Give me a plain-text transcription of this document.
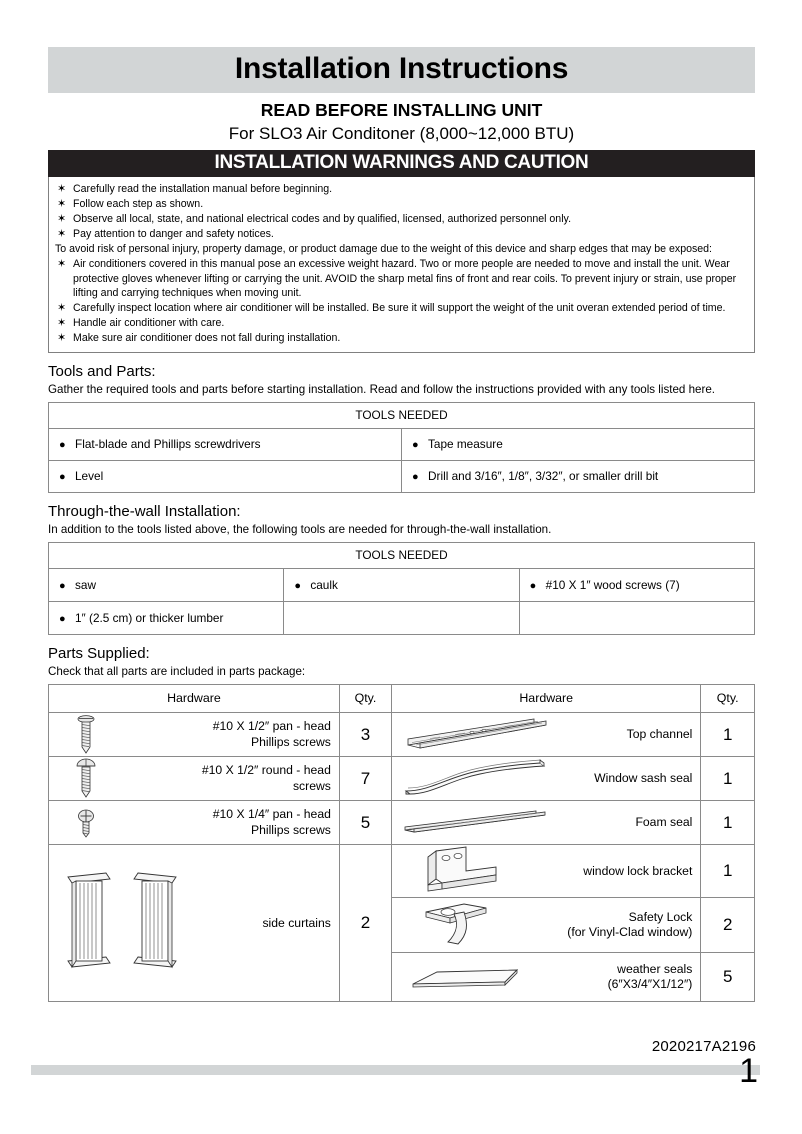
Installation Instructions
READ BEFORE INSTALLING UNIT
For SLO3 Air Conditoner (8,000~12,000 BTU)
INSTALLATION WARNINGS AND CAUTION
✶ Carefully read the installation manual before beginning.
✶ Follow each step as shown.
✶ Observe all local, state, and national electrical codes and by qualified, licensed, authorized personnel only.
✶ Pay attention to danger and safety notices.
To avoid risk of personal injury, property damage, or product damage due to the weight of this device and sharp edges that may be exposed:
✶ Air conditioners covered in this manual pose an excessive weight hazard. Two or more people are needed to move and install the unit. Wear protective gloves whenever lifting or carrying the unit. AVOID the sharp metal fins of front and rear coils. To prevent injury or strain, use proper lifting and carrying techniques when moving unit.
✶ Carefully inspect location where air conditioner will be installed. Be sure it will support the weight of the unit overan extended period of time.
✶ Handle air conditioner with care.
✶ Make sure air conditioner does not fall during installation.
Tools and Parts:
Gather the required tools and parts before starting installation. Read and follow the instructions provided with any tools listed here.
TOOLS NEEDED	
● Flat-blade and Phillips screwdrivers	● Tape measure
● Level	● Drill and 3/16″, 1/8″, 3/32″, or smaller drill bit
Through-the-wall Installation:
In addition to the tools listed above, the following tools are needed for through-the-wall installation.
TOOLS NEEDED		
● saw	● caulk	● #10 X 1″ wood screws (7)
● 1″ (2.5 cm) or thicker lumber		
Parts Supplied:
Check that all parts are included in parts package:
Hardware	Qty.	Hardware	Qty.

#10 X 1/2″ pan - head
Phillips screws	3	Top channel	1

#10 X 1/2″ round - head
screws	7	Window sash seal	1

#10 X 1/4″ pan - head
Phillips screws	5	Foam seal	1

side curtains	2	window lock bracket	1

		Safety Lock
(for Vinyl-Clad window)	2

		weather seals
(6″X3/4″X1/12″)	5
2020217A2196
1
